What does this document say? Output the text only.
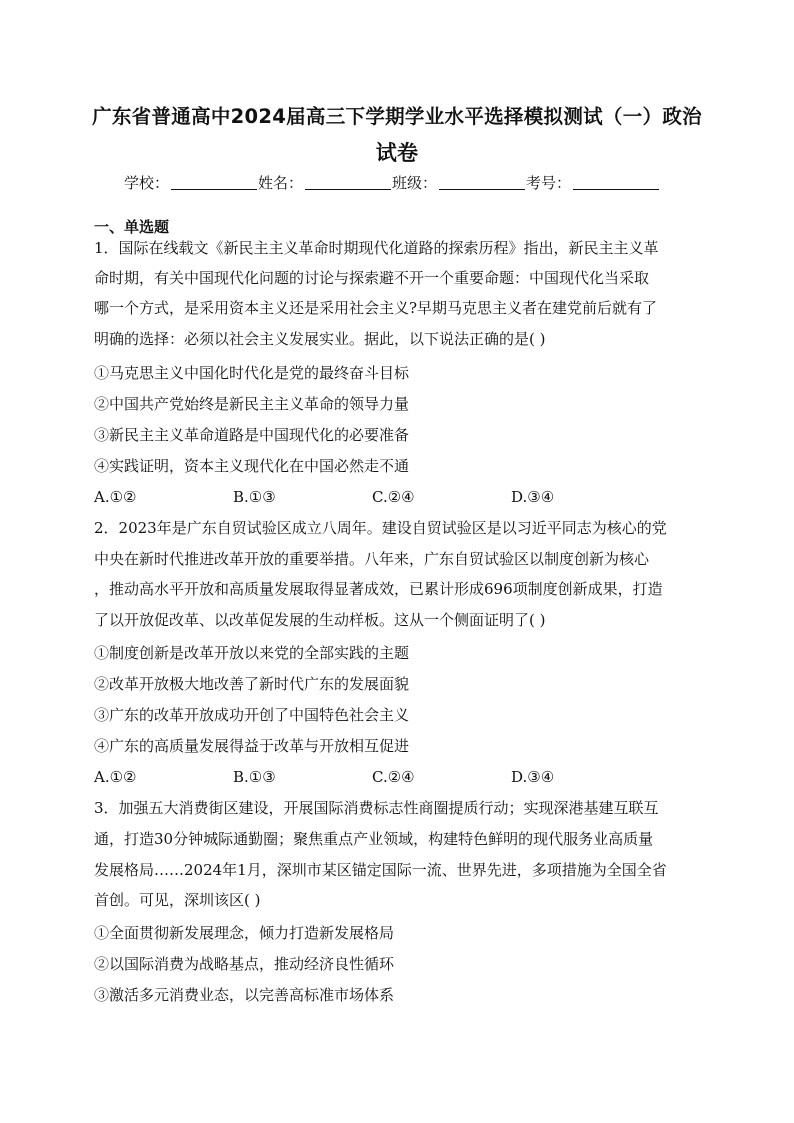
广东省普通高中2024届高三下学期学业水平选择模拟测试（一）政治
试卷
学校：	姓名：	班级：	考号：
一、单选题
1．国际在线载文《新民主主义革命时期现代化道路的探索历程》指出，新民主主义革
命时期，有关中国现代化问题的讨论与探索避不开一个重要命题：中国现代化当采取
哪一个方式，是采用资本主义还是采用社会主义?早期马克思主义者在建党前后就有了
明确的选择：必须以社会主义发展实业。据此，以下说法正确的是( )
①马克思主义中国化时代化是党的最终奋斗目标
②中国共产党始终是新民主主义革命的领导力量
③新民主主义革命道路是中国现代化的必要准备
④实践证明，资本主义现代化在中国必然走不通
A.①②	B.①③	C.②④	D.③④
2．2023年是广东自贸试验区成立八周年。建设自贸试验区是以习近平同志为核心的党
中央在新时代推进改革开放的重要举措。八年来，广东自贸试验区以制度创新为核心
，推动高水平开放和高质量发展取得显著成效，已累计形成696项制度创新成果，打造
了以开放促改革、以改革促发展的生动样板。这从一个侧面证明了( )
①制度创新是改革开放以来党的全部实践的主题
②改革开放极大地改善了新时代广东的发展面貌
③广东的改革开放成功开创了中国特色社会主义
④广东的高质量发展得益于改革与开放相互促进
A.①②	B.①③	C.②④	D.③④
3．加强五大消费街区建设，开展国际消费标志性商圈提质行动；实现深港基建互联互
通，打造30分钟城际通勤圈；聚焦重点产业领域，构建特色鲜明的现代服务业高质量
发展格局……2024年1月，深圳市某区锚定国际一流、世界先进，多项措施为全国全省
首创。可见，深圳该区( )
①全面贯彻新发展理念，倾力打造新发展格局
②以国际消费为战略基点，推动经济良性循环
③激活多元消费业态，以完善高标准市场体系
